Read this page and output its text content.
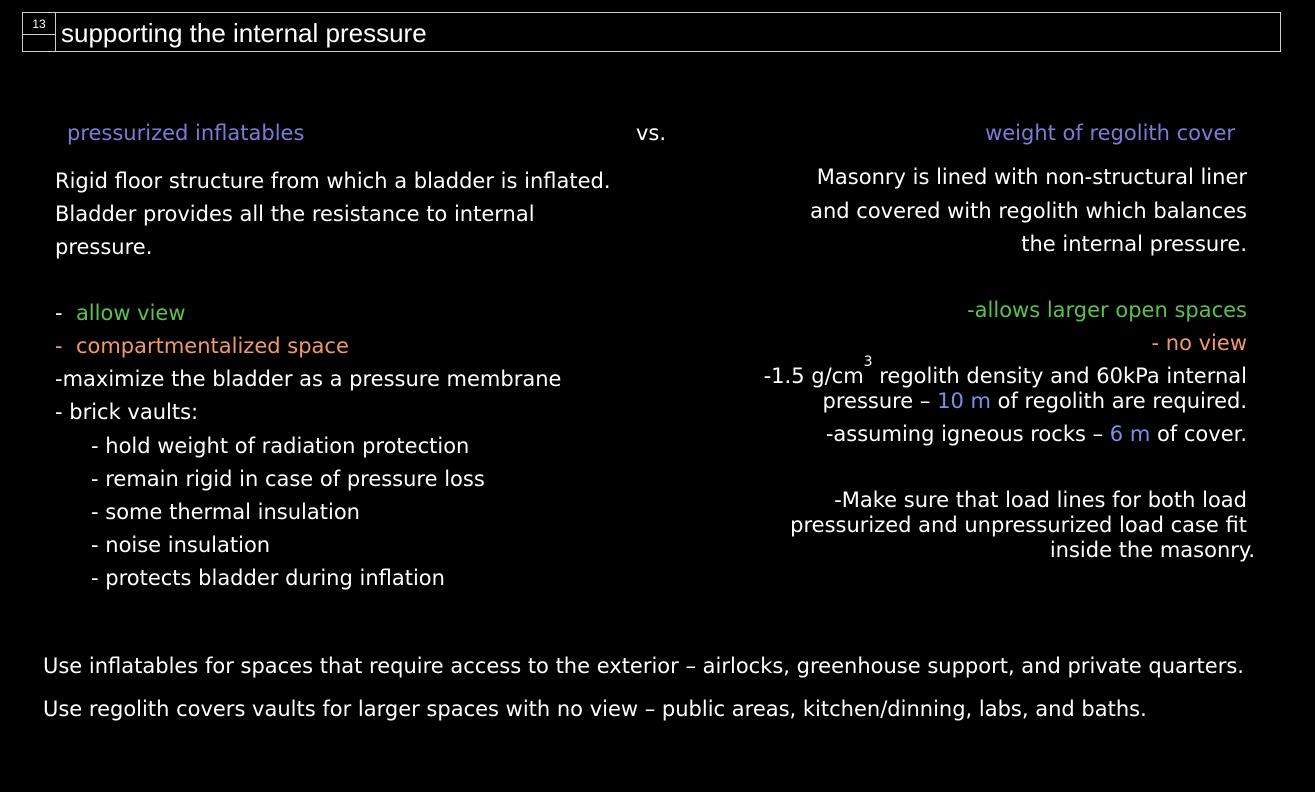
13 supporting the internal pressure
pressurized inflatables
Rigid floor structure from which a bladder is inflated.
Bladder provides all the resistance to internal
pressure.
- allow view
- compartmentalized space
-maximize the bladder as a pressure membrane
- brick vaults:
- hold weight of radiation protection
- remain rigid in case of pressure loss
- some thermal insulation
- noise insulation
- protects bladder during inflation
vs.	weight of regolith cover
Masonry is lined with non-structural liner
and covered with regolith which balances
the internal pressure.
-allows larger open spaces
- no view
-1.5 $g/cm^3$ regolith density and 60kPa internal
pressure – 10 m of regolith are required.
-assuming igneous rocks – 6 m of cover.
-Make sure that load lines for both load
pressurized and unpressurized load case fit
inside the masonry.
Use inflatables for spaces that require access to the exterior – airlocks, greenhouse support, and private quarters.
Use regolith covers vaults for larger spaces with no view – public areas, kitchen/dinning, labs, and baths.
